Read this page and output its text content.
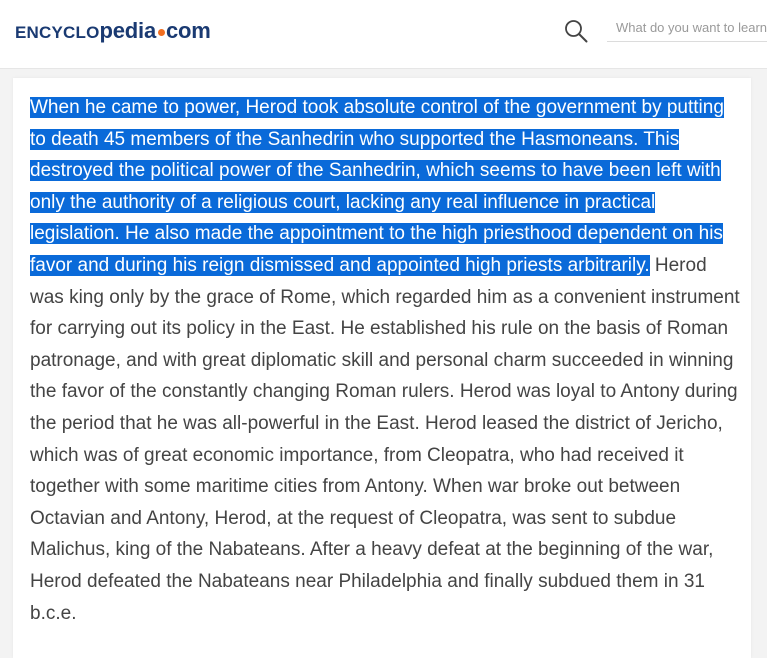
ENCYCLOpedia com
What do you want to learn

When he came to power, Herod took absolute control of the government by putting to death 45 members of the Sanhedrin who supported the Hasmoneans. This destroyed the political power of the Sanhedrin, which seems to have been left with only the authority of a religious court, lacking any real influence in practical legislation. He also made the appointment to the high priesthood dependent on his favor and during his reign dismissed and appointed high priests arbitrarily. Herod was king only by the grace of Rome, which regarded him as a convenient instrument for carrying out its policy in the East. He established his rule on the basis of Roman patronage, and with great diplomatic skill and personal charm succeeded in winning the favor of the constantly changing Roman rulers. Herod was loyal to Antony during the period that he was all-powerful in the East. Herod leased the district of Jericho, which was of great economic importance, from Cleopatra, who had received it together with some maritime cities from Antony. When war broke out between Octavian and Antony, Herod, at the request of Cleopatra, was sent to subdue Malichus, king of the Nabateans. After a heavy defeat at the beginning of the war, Herod defeated the Nabateans near Philadelphia and finally subdued them in 31 b.c.e.
